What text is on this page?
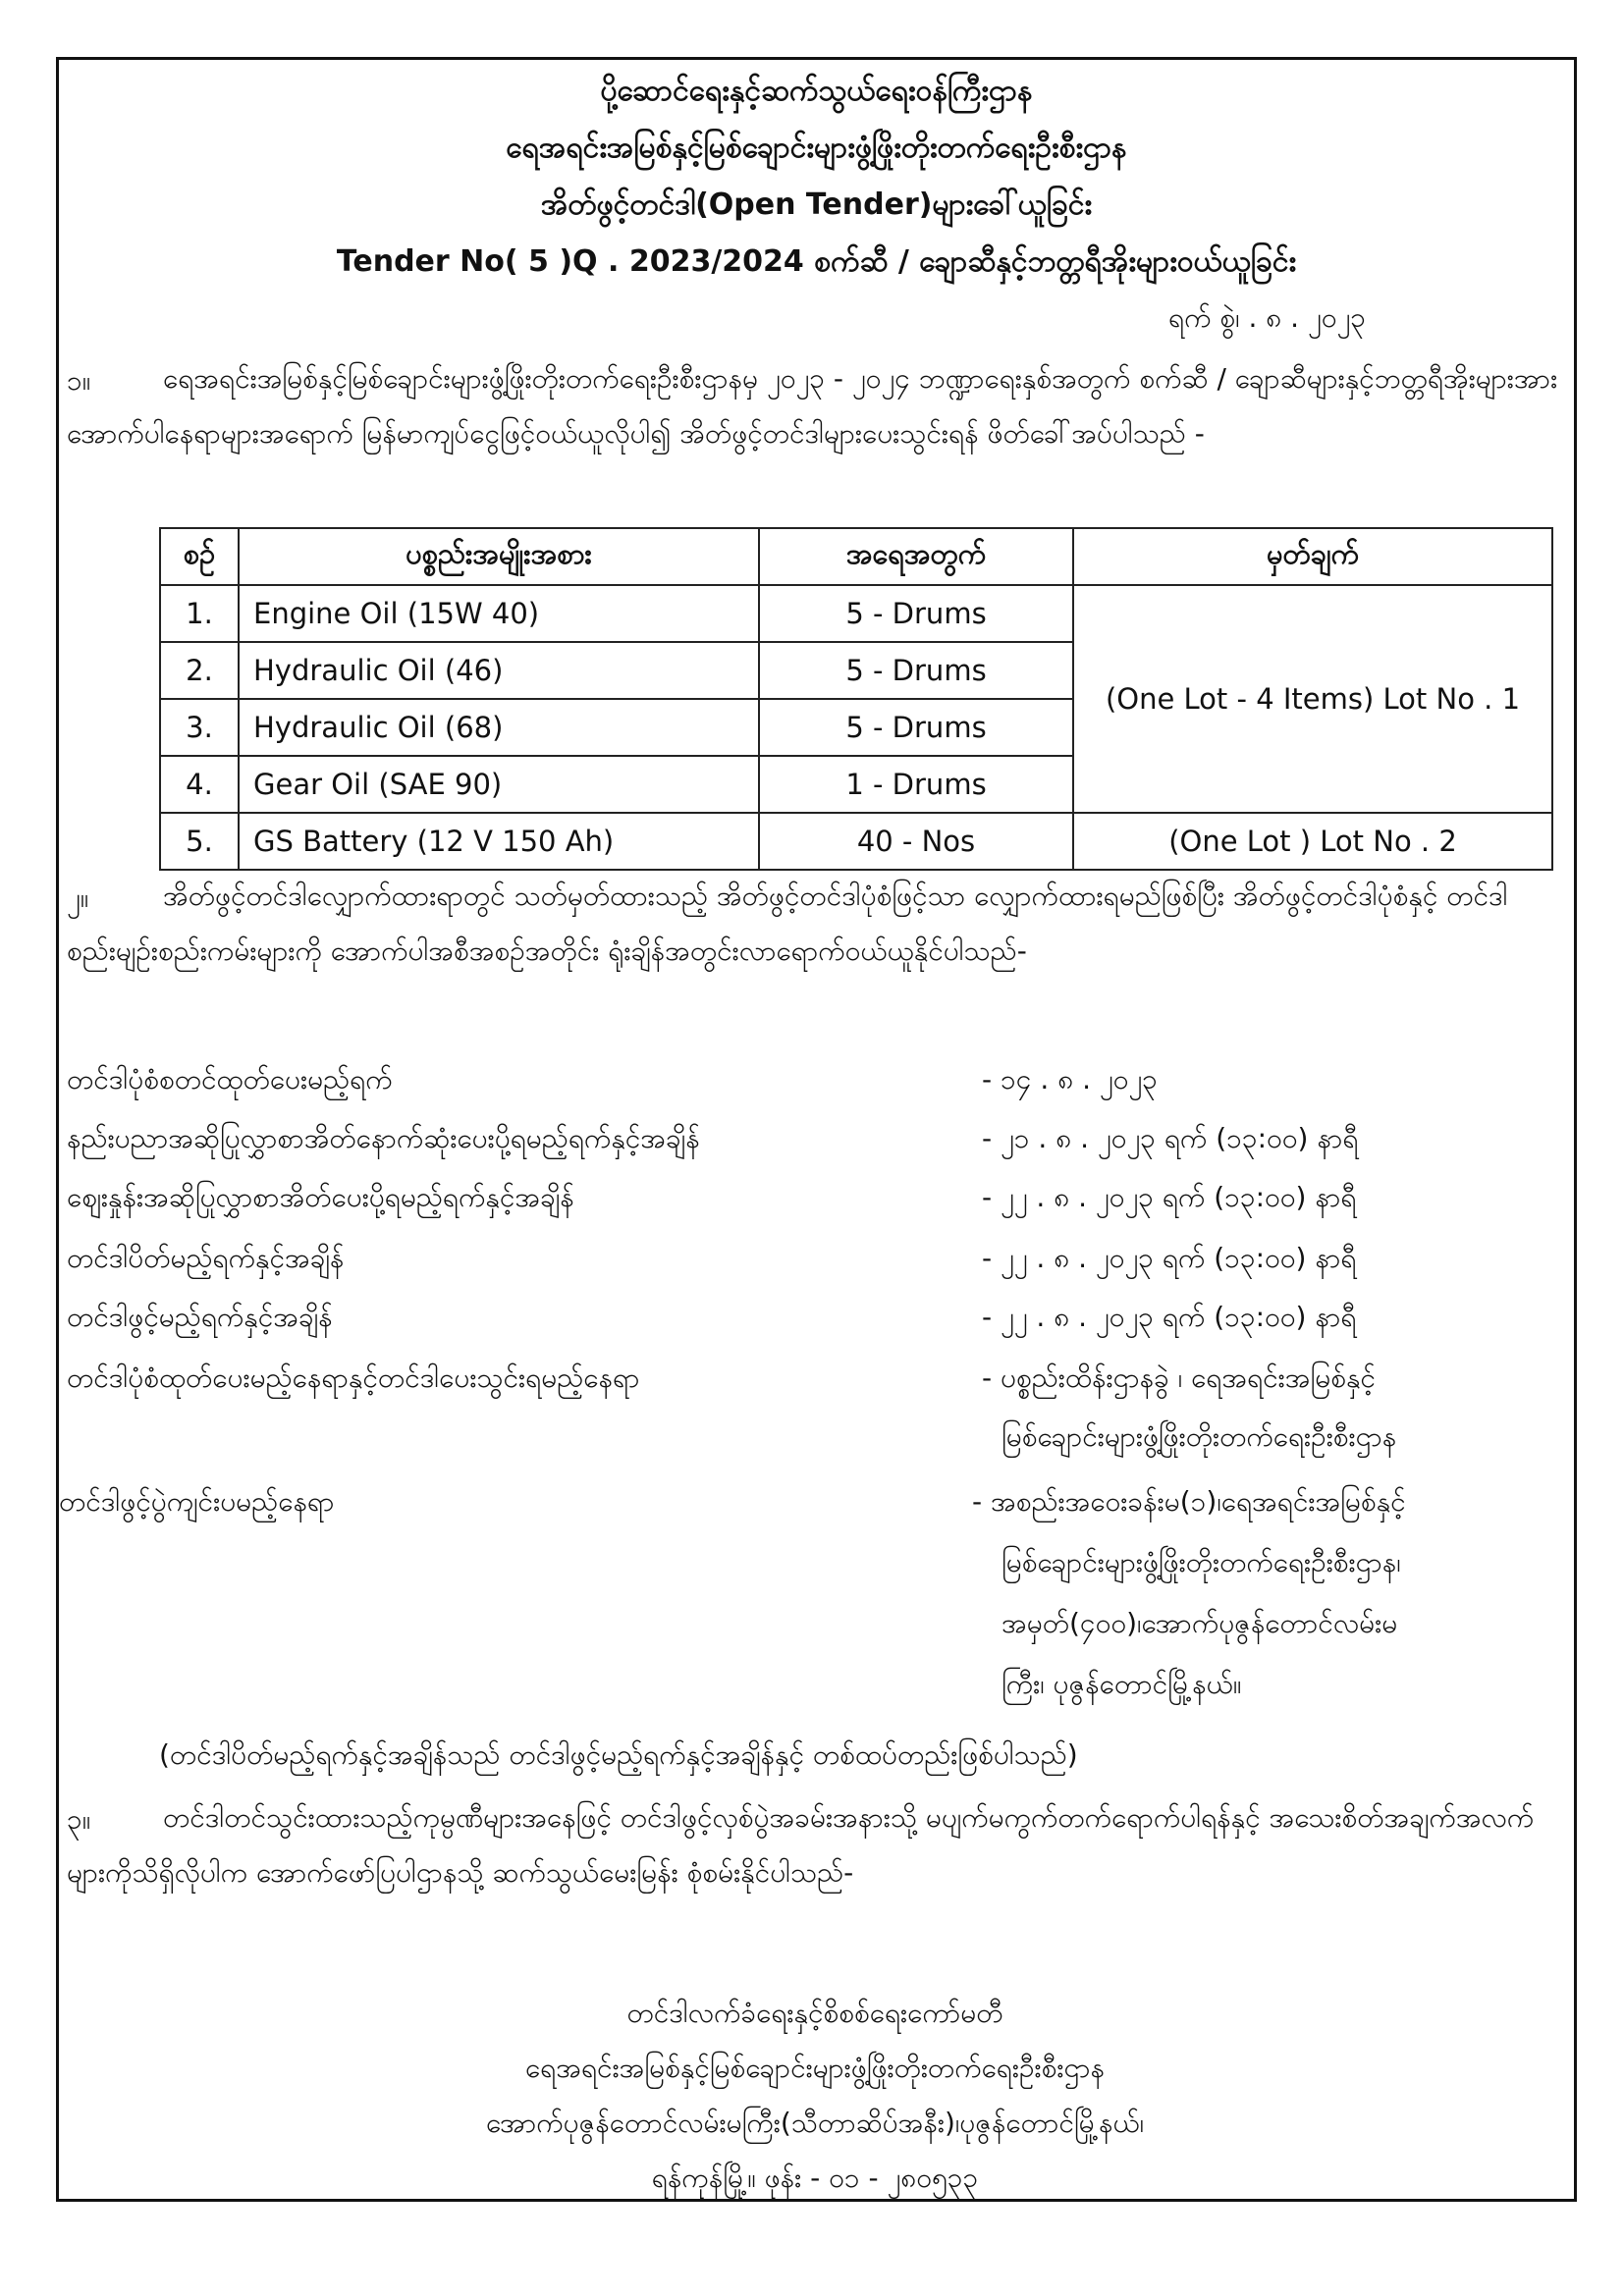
ပို့ဆောင်ရေးနှင့်ဆက်သွယ်ရေးဝန်ကြီးဌာန
ရေအရင်းအမြစ်နှင့်မြစ်ချောင်းများဖွံ့ဖြိုးတိုးတက်ရေးဦးစီးဌာန
အိတ်ဖွင့်တင်ဒါ(Open Tender)များခေါ်ယူခြင်း
Tender No( 5 )Q . 2023/2024 စက်ဆီ / ချောဆီနှင့်ဘတ္တရီအိုးများဝယ်ယူခြင်း
ရက် စွဲ၊ . ၈ . ၂၀၂၃
၁။	ရေအရင်းအမြစ်နှင့်မြစ်ချောင်းများဖွံ့ဖြိုးတိုးတက်ရေးဦးစီးဌာနမှ ၂၀၂၃ - ၂၀၂၄ ဘဏ္ဍာရေးနှစ်အတွက် စက်ဆီ / ချောဆီများနှင့်ဘတ္တရီအိုးများအား အောက်ပါနေရာများအရောက် မြန်မာကျပ်ငွေဖြင့်ဝယ်ယူလိုပါ၍ အိတ်ဖွင့်တင်ဒါများပေးသွင်းရန် ဖိတ်ခေါ်အပ်ပါသည် -
စဉ်	ပစ္စည်းအမျိုးအစား	အရေအတွက်	မှတ်ချက်
1.	Engine Oil (15W 40)	5 - Drums	(One Lot - 4 Items) Lot No . 1
2.	Hydraulic Oil (46)	5 - Drums	
3.	Hydraulic Oil (68)	5 - Drums	
4.	Gear Oil (SAE 90)	1 - Drums	
5.	GS Battery (12 V 150 Ah)	40 - Nos	(One Lot ) Lot No . 2
၂။	အိတ်ဖွင့်တင်ဒါလျှောက်ထားရာတွင် သတ်မှတ်ထားသည့် အိတ်ဖွင့်တင်ဒါပုံစံဖြင့်သာ လျှောက်ထားရမည်ဖြစ်ပြီး အိတ်ဖွင့်တင်ဒါပုံစံနှင့် တင်ဒါစည်းမျဉ်းစည်းကမ်းများကို အောက်ပါအစီအစဉ်အတိုင်း ရုံးချိန်အတွင်းလာရောက်ဝယ်ယူနိုင်ပါသည်-
တင်ဒါပုံစံစတင်ထုတ်ပေးမည့်ရက်	- ၁၄ . ၈ . ၂၀၂၃
နည်းပညာအဆိုပြုလွှာစာအိတ်နောက်ဆုံးပေးပို့ရမည့်ရက်နှင့်အချိန်	- ၂၁ . ၈ . ၂၀၂၃ ရက် (၁၃:၀၀) နာရီ
ဈေးနှုန်းအဆိုပြုလွှာစာအိတ်ပေးပို့ရမည့်ရက်နှင့်အချိန်	- ၂၂ . ၈ . ၂၀၂၃ ရက် (၁၃:၀၀) နာရီ
တင်ဒါပိတ်မည့်ရက်နှင့်အချိန်	- ၂၂ . ၈ . ၂၀၂၃ ရက် (၁၃:၀၀) နာရီ
တင်ဒါဖွင့်မည့်ရက်နှင့်အချိန်	- ၂၂ . ၈ . ၂၀၂၃ ရက် (၁၃:၀၀) နာရီ
တင်ဒါပုံစံထုတ်ပေးမည့်နေရာနှင့်တင်ဒါပေးသွင်းရမည့်နေရာ	- ပစ္စည်းထိန်းဌာနခွဲ ၊ ရေအရင်းအမြစ်နှင့်
မြစ်ချောင်းများဖွံ့ဖြိုးတိုးတက်ရေးဦးစီးဌာန
တင်ဒါဖွင့်ပွဲကျင်းပမည့်နေရာ	- အစည်းအဝေးခန်းမ(၁)၊ရေအရင်းအမြစ်နှင့်
မြစ်ချောင်းများဖွံ့ဖြိုးတိုးတက်ရေးဦးစီးဌာန၊
အမှတ်(၄၀၀)၊အောက်ပုဇွန်တောင်လမ်းမ
ကြီး၊ ပုဇွန်တောင်မြို့နယ်။
(တင်ဒါပိတ်မည့်ရက်နှင့်အချိန်သည် တင်ဒါဖွင့်မည့်ရက်နှင့်အချိန်နှင့် တစ်ထပ်တည်းဖြစ်ပါသည်)
၃။	တင်ဒါတင်သွင်းထားသည့်ကုမ္ပဏီများအနေဖြင့် တင်ဒါဖွင့်လှစ်ပွဲအခမ်းအနားသို့ မပျက်မကွက်တက်ရောက်ပါရန်နှင့် အသေးစိတ်အချက်အလက်များကိုသိရှိလိုပါက အောက်ဖော်ပြပါဌာနသို့ ဆက်သွယ်မေးမြန်း စုံစမ်းနိုင်ပါသည်-
တင်ဒါလက်ခံရေးနှင့်စိစစ်ရေးကော်မတီ
ရေအရင်းအမြစ်နှင့်မြစ်ချောင်းများဖွံ့ဖြိုးတိုးတက်ရေးဦးစီးဌာန
အောက်ပုဇွန်တောင်လမ်းမကြီး(သီတာဆိပ်အနီး)၊ပုဇွန်တောင်မြို့နယ်၊
ရန်ကုန်မြို့။ ဖုန်း - ၀၁ - ၂၈၀၅၃၃
